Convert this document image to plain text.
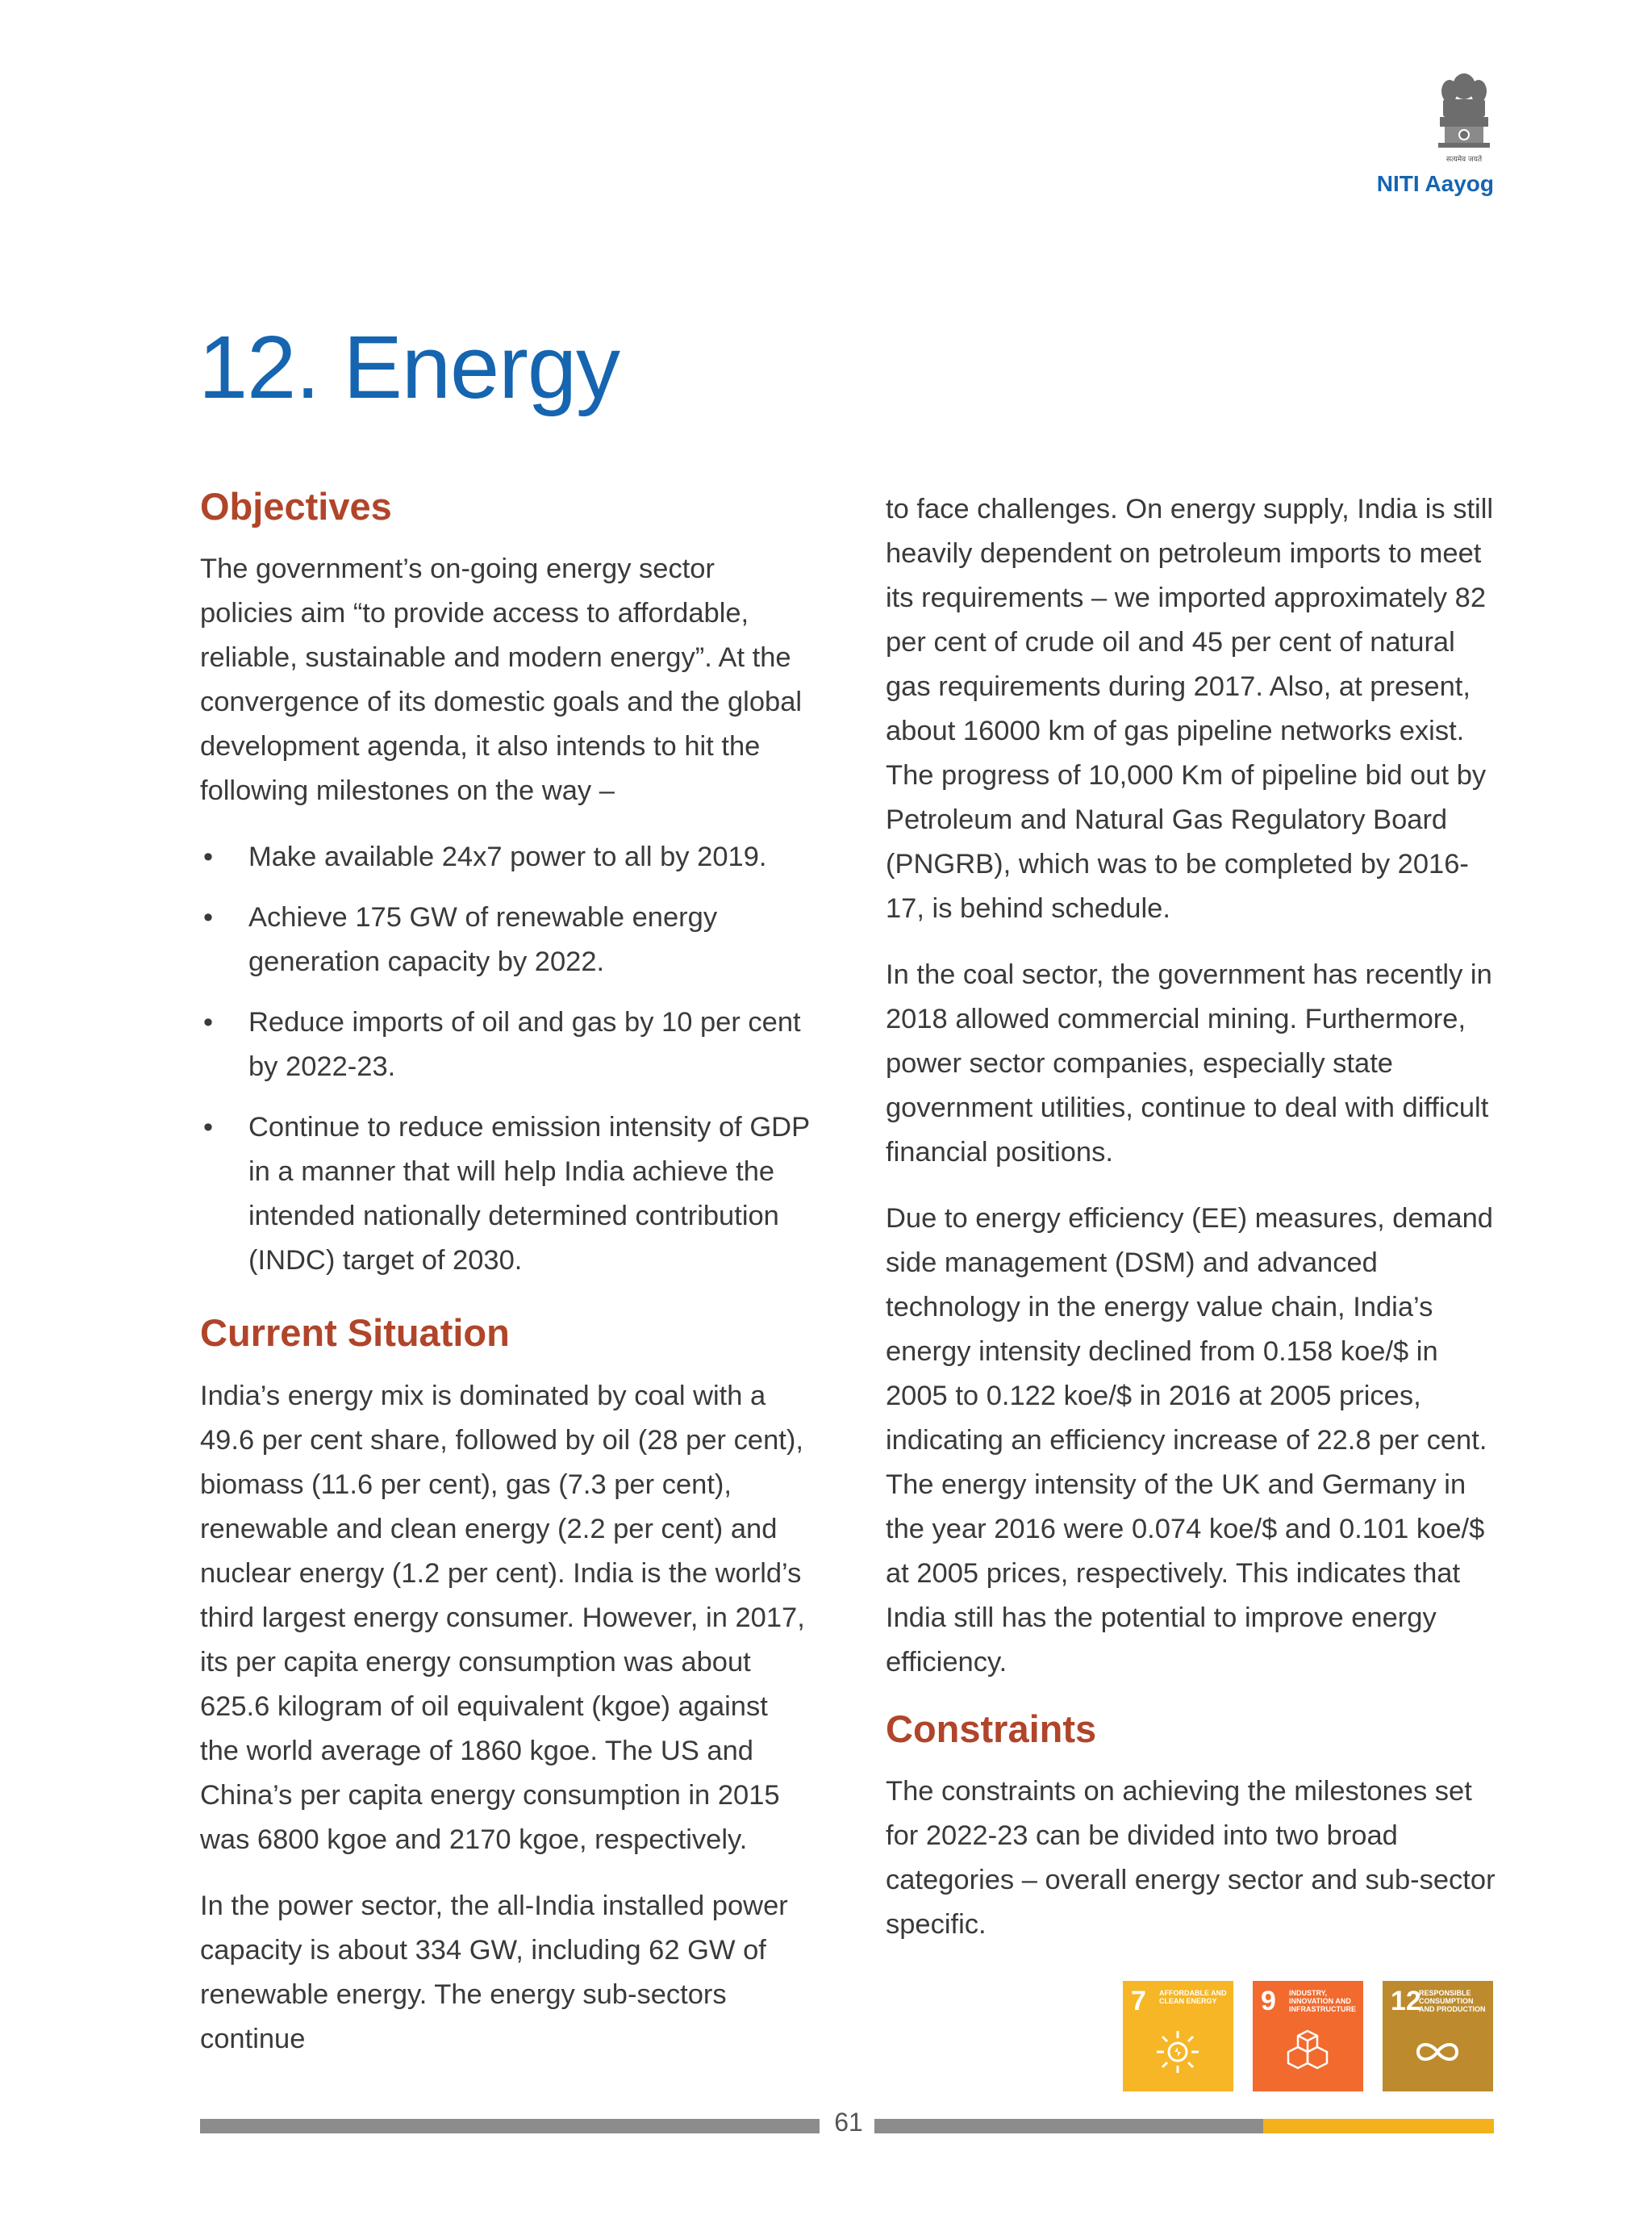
सत्यमेव जयते
NITI Aayog
12. Energy
Objectives

The government’s on-going energy sector policies aim “to provide access to affordable, reliable, sustainable and modern energy”. At the convergence of its domestic goals and the global development agenda, it also intends to hit the following milestones on the way –

• Make available 24x7 power to all by 2019.
• Achieve 175 GW of renewable energy generation capacity by 2022.
• Reduce imports of oil and gas by 10 per cent by 2022-23.
• Continue to reduce emission intensity of GDP in a manner that will help India achieve the intended nationally determined contribution (INDC) target of 2030.
Current Situation

India’s energy mix is dominated by coal with a 49.6 per cent share, followed by oil (28 per cent), biomass (11.6 per cent), gas (7.3 per cent), renewable and clean energy (2.2 per cent) and nuclear energy (1.2 per cent). India is the world’s third largest energy consumer. However, in 2017, its per capita energy consumption was about 625.6 kilogram of oil equivalent (kgoe) against the world average of 1860 kgoe. The US and China’s per capita energy consumption in 2015 was 6800 kgoe and 2170 kgoe, respectively.

In the power sector, the all-India installed power capacity is about 334 GW, including 62 GW of renewable energy. The energy sub-sectors continue

to face challenges. On energy supply, India is still heavily dependent on petroleum imports to meet its requirements – we imported approximately 82 per cent of crude oil and 45 per cent of natural gas requirements during 2017. Also, at present, about 16000 km of gas pipeline networks exist. The progress of 10,000 Km of pipeline bid out by Petroleum and Natural Gas Regulatory Board (PNGRB), which was to be completed by 2016-17, is behind schedule.

In the coal sector, the government has recently in 2018 allowed commercial mining. Furthermore, power sector companies, especially state government utilities, continue to deal with difficult financial positions.

Due to energy efficiency (EE) measures, demand side management (DSM) and advanced technology in the energy value chain, India’s energy intensity declined from 0.158 koe/$ in 2005 to 0.122 koe/$ in 2016 at 2005 prices, indicating an efficiency increase of 22.8 per cent. The energy intensity of the UK and Germany in the year 2016 were 0.074 koe/$ and 0.101 koe/$ at 2005 prices, respectively. This indicates that India still has the potential to improve energy efficiency.

Constraints

The constraints on achieving the milestones set for 2022-23 can be divided into two broad categories – overall energy sector and sub-sector specific.

7 AFFORDABLE AND CLEAN ENERGY	9 INDUSTRY, INNOVATION AND INFRASTRUCTURE 12
RESPONSIBLE CONSUMPTION AND PRODUCTION
61
